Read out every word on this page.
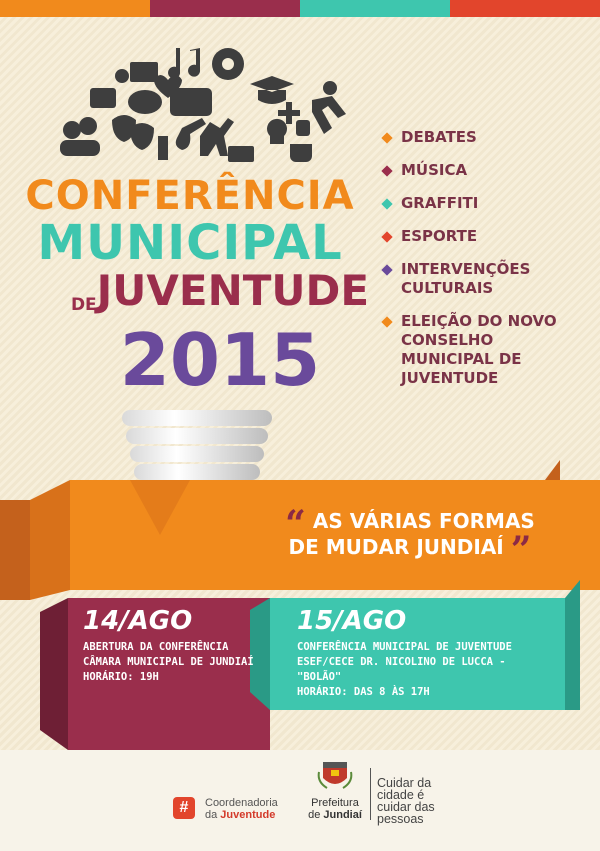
CONFERÊNCIA
MUNICIPAL
DEJUVENTUDE
2015
DEBATES
MÚSICA
GRAFFITI
ESPORTE
INTERVENÇÕES CULTURAIS
ELEIÇÃO DO NOVO CONSELHO MUNICIPAL DE JUVENTUDE
“ AS VÁRIAS FORMAS
DE MUDAR JUNDIAÍ ”
14/AGO
ABERTURA DA CONFERÊNCIA
CÂMARA MUNICIPAL DE JUNDIAÍ
HORÁRIO: 19H
15/AGO
CONFERÊNCIA MUNICIPAL DE JUVENTUDE
ESEF/CECE DR. NICOLINO DE LUCCA - "BOLÃO"
HORÁRIO: DAS 8 ÀS 17H
#	Coordenadoria
da Juventude
Prefeitura
de Jundiaí
Cuidar da
cidade é
cuidar das
pessoas
